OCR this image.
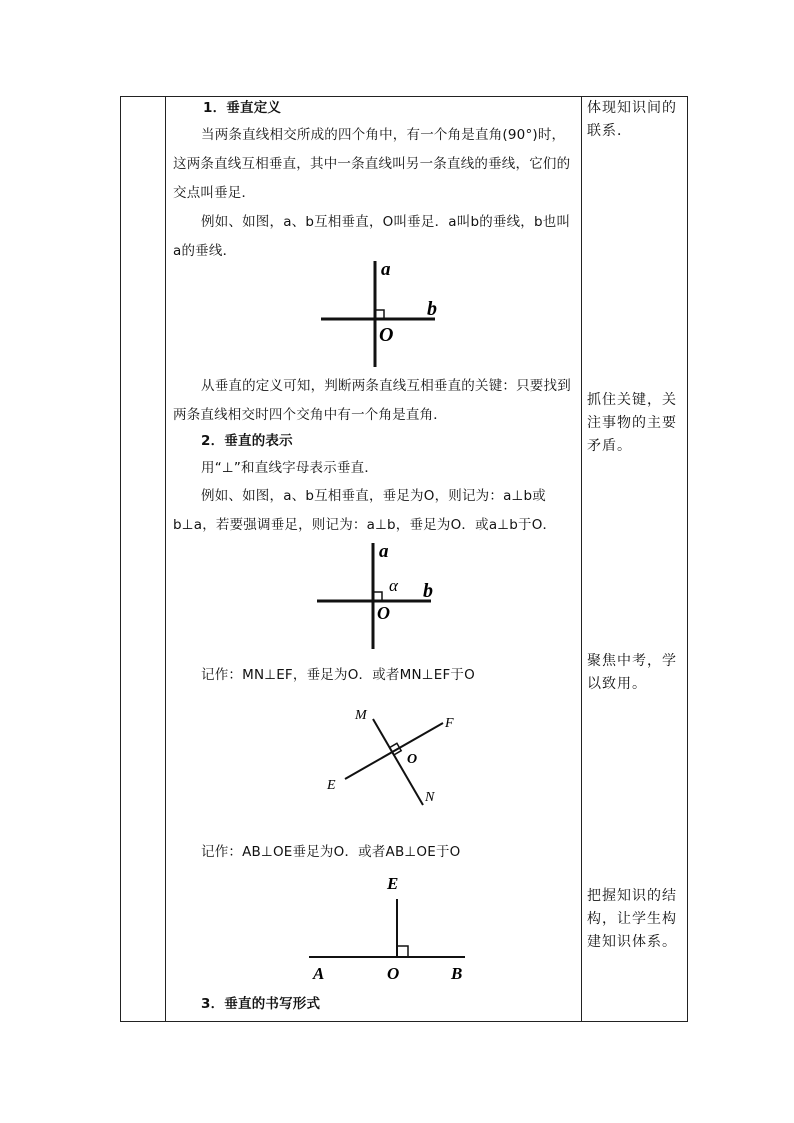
1．垂直定义
当两条直线相交所成的四个角中，有一个角是直角(90°)时，这两条直线互相垂直，其中一条直线叫另一条直线的垂线，它们的交点叫垂足．
例如、如图，a、b互相垂直，O叫垂足．a叫b的垂线，b也叫a的垂线．
a
b
O
从垂直的定义可知，判断两条直线互相垂直的关键：只要找到两条直线相交时四个交角中有一个角是直角．
2．垂直的表示
用“⊥”和直线字母表示垂直．
例如、如图，a、b互相垂直，垂足为O，则记为：a⊥b或b⊥a，若要强调垂足，则记为：a⊥b，垂足为O．或a⊥b于O．
a
α b
O
记作：MN⊥EF，垂足为O．或者MN⊥EF于O
M
F
O
E
N
记作：AB⊥OE垂足为O．或者AB⊥OE于O
E
A	O	B
3．垂直的书写形式
体现知识间的联系．
抓住关键，关注事物的主要矛盾。
聚焦中考，学以致用。
把握知识的结构，让学生构建知识体系。
